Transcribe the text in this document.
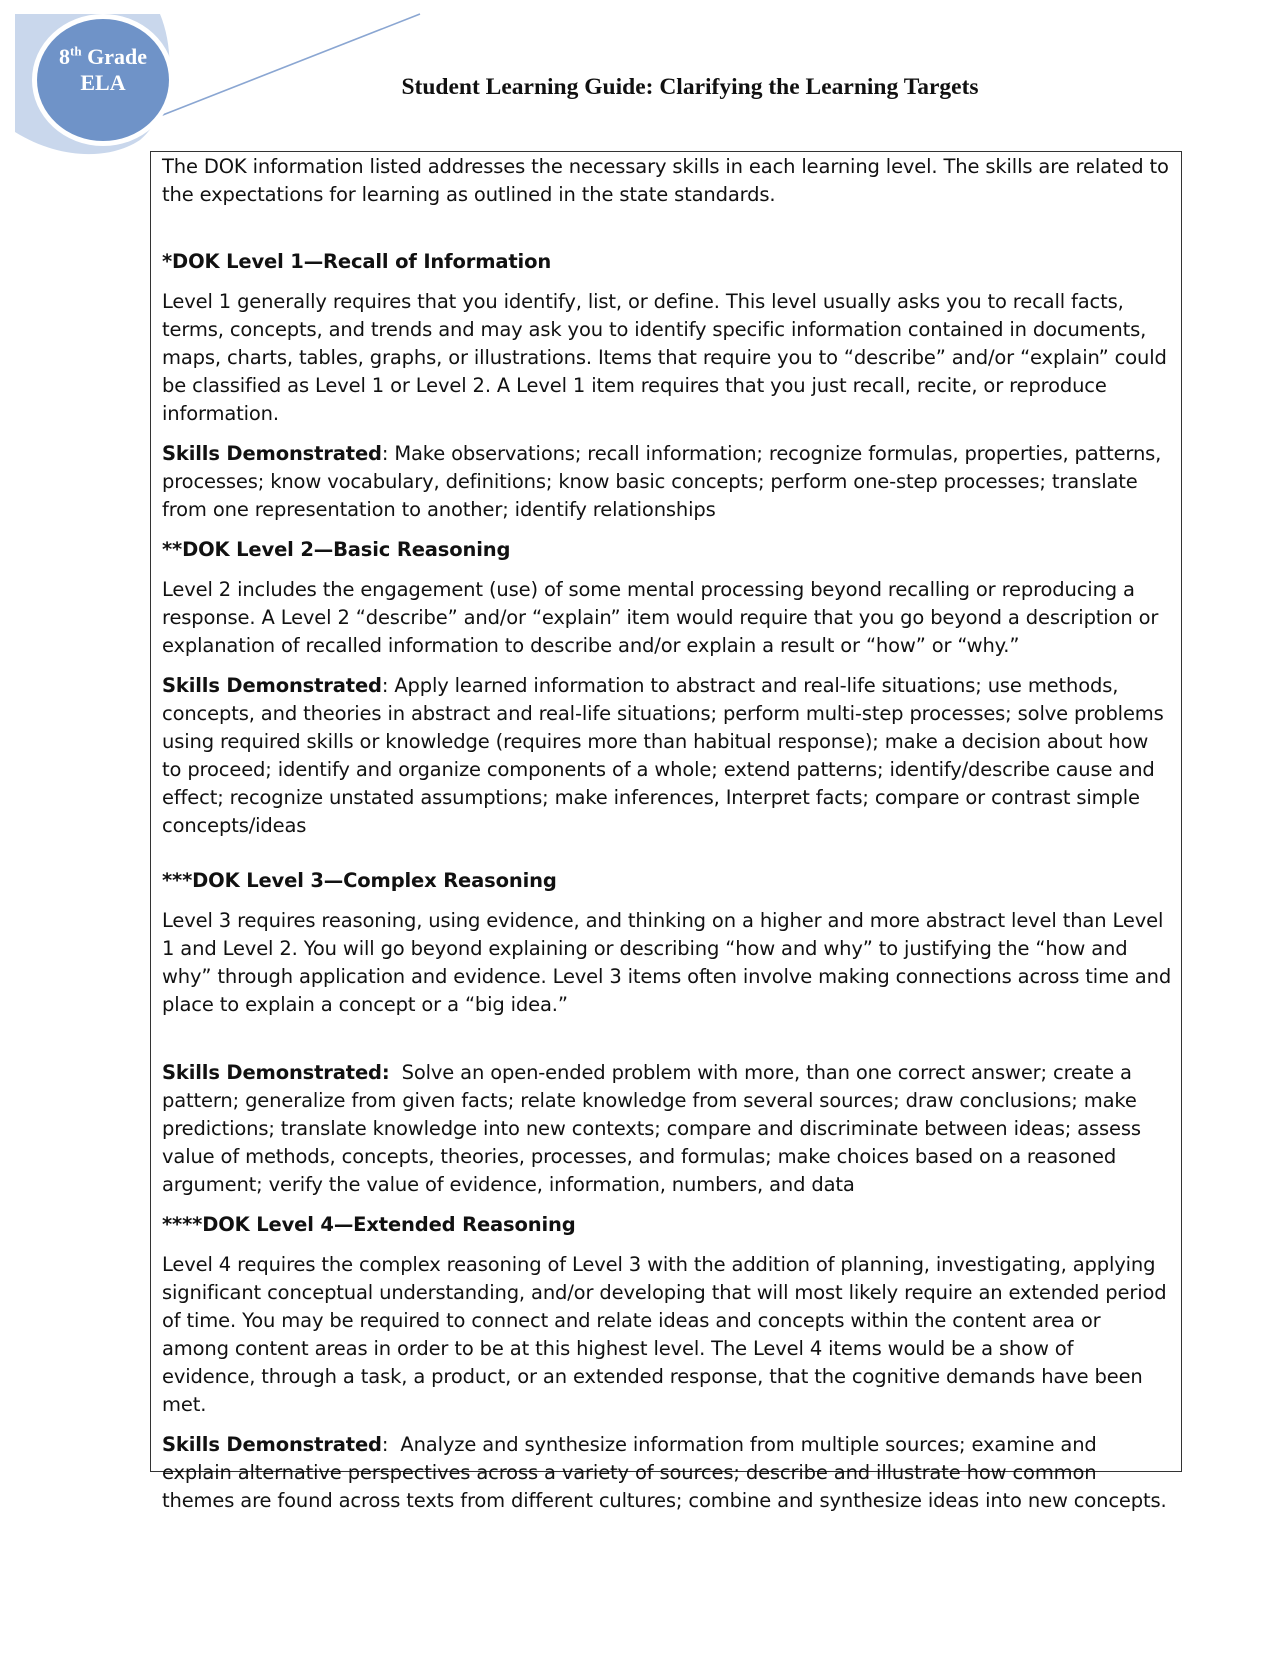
8th Grade
ELA	Student Learning Guide: Clarifying the Learning Targets

The DOK information listed addresses the necessary skills in each learning level. The skills are related to the expectations for learning as outlined in the state standards.

*DOK Level 1—Recall of Information

Level 1 generally requires that you identify, list, or define. This level usually asks you to recall facts, terms, concepts, and trends and may ask you to identify specific information contained in documents, maps, charts, tables, graphs, or illustrations. Items that require you to “describe” and/or “explain” could be classified as Level 1 or Level 2. A Level 1 item requires that you just recall, recite, or reproduce information.

Skills Demonstrated: Make observations; recall information; recognize formulas, properties, patterns, processes; know vocabulary, definitions; know basic concepts; perform one-step processes; translate from one representation to another; identify relationships

**DOK Level 2—Basic Reasoning

Level 2 includes the engagement (use) of some mental processing beyond recalling or reproducing a response. A Level 2 “describe” and/or “explain” item would require that you go beyond a description or explanation of recalled information to describe and/or explain a result or “how” or “why.”

Skills Demonstrated: Apply learned information to abstract and real-life situations; use methods, concepts, and theories in abstract and real-life situations; perform multi-step processes; solve problems using required skills or knowledge (requires more than habitual response); make a decision about how to proceed; identify and organize components of a whole; extend patterns; identify/describe cause and effect; recognize unstated assumptions; make inferences, Interpret facts; compare or contrast simple concepts/ideas

***DOK Level 3—Complex Reasoning

Level 3 requires reasoning, using evidence, and thinking on a higher and more abstract level than Level 1 and Level 2. You will go beyond explaining or describing “how and why” to justifying the “how and why” through application and evidence. Level 3 items often involve making connections across time and place to explain a concept or a “big idea.”

Skills Demonstrated: Solve an open-ended problem with more, than one correct answer; create a pattern; generalize from given facts; relate knowledge from several sources; draw conclusions; make predictions; translate knowledge into new contexts; compare and discriminate between ideas; assess value of methods, concepts, theories, processes, and formulas; make choices based on a reasoned argument; verify the value of evidence, information, numbers, and data

****DOK Level 4—Extended Reasoning

Level 4 requires the complex reasoning of Level 3 with the addition of planning, investigating, applying significant conceptual understanding, and/or developing that will most likely require an extended period of time. You may be required to connect and relate ideas and concepts within the content area or among content areas in order to be at this highest level. The Level 4 items would be a show of evidence, through a task, a product, or an extended response, that the cognitive demands have been met.

Skills Demonstrated:  Analyze and synthesize information from multiple sources; examine and explain alternative perspectives across a variety of sources; describe and illustrate how common themes are found across texts from different cultures; combine and synthesize ideas into new concepts.
